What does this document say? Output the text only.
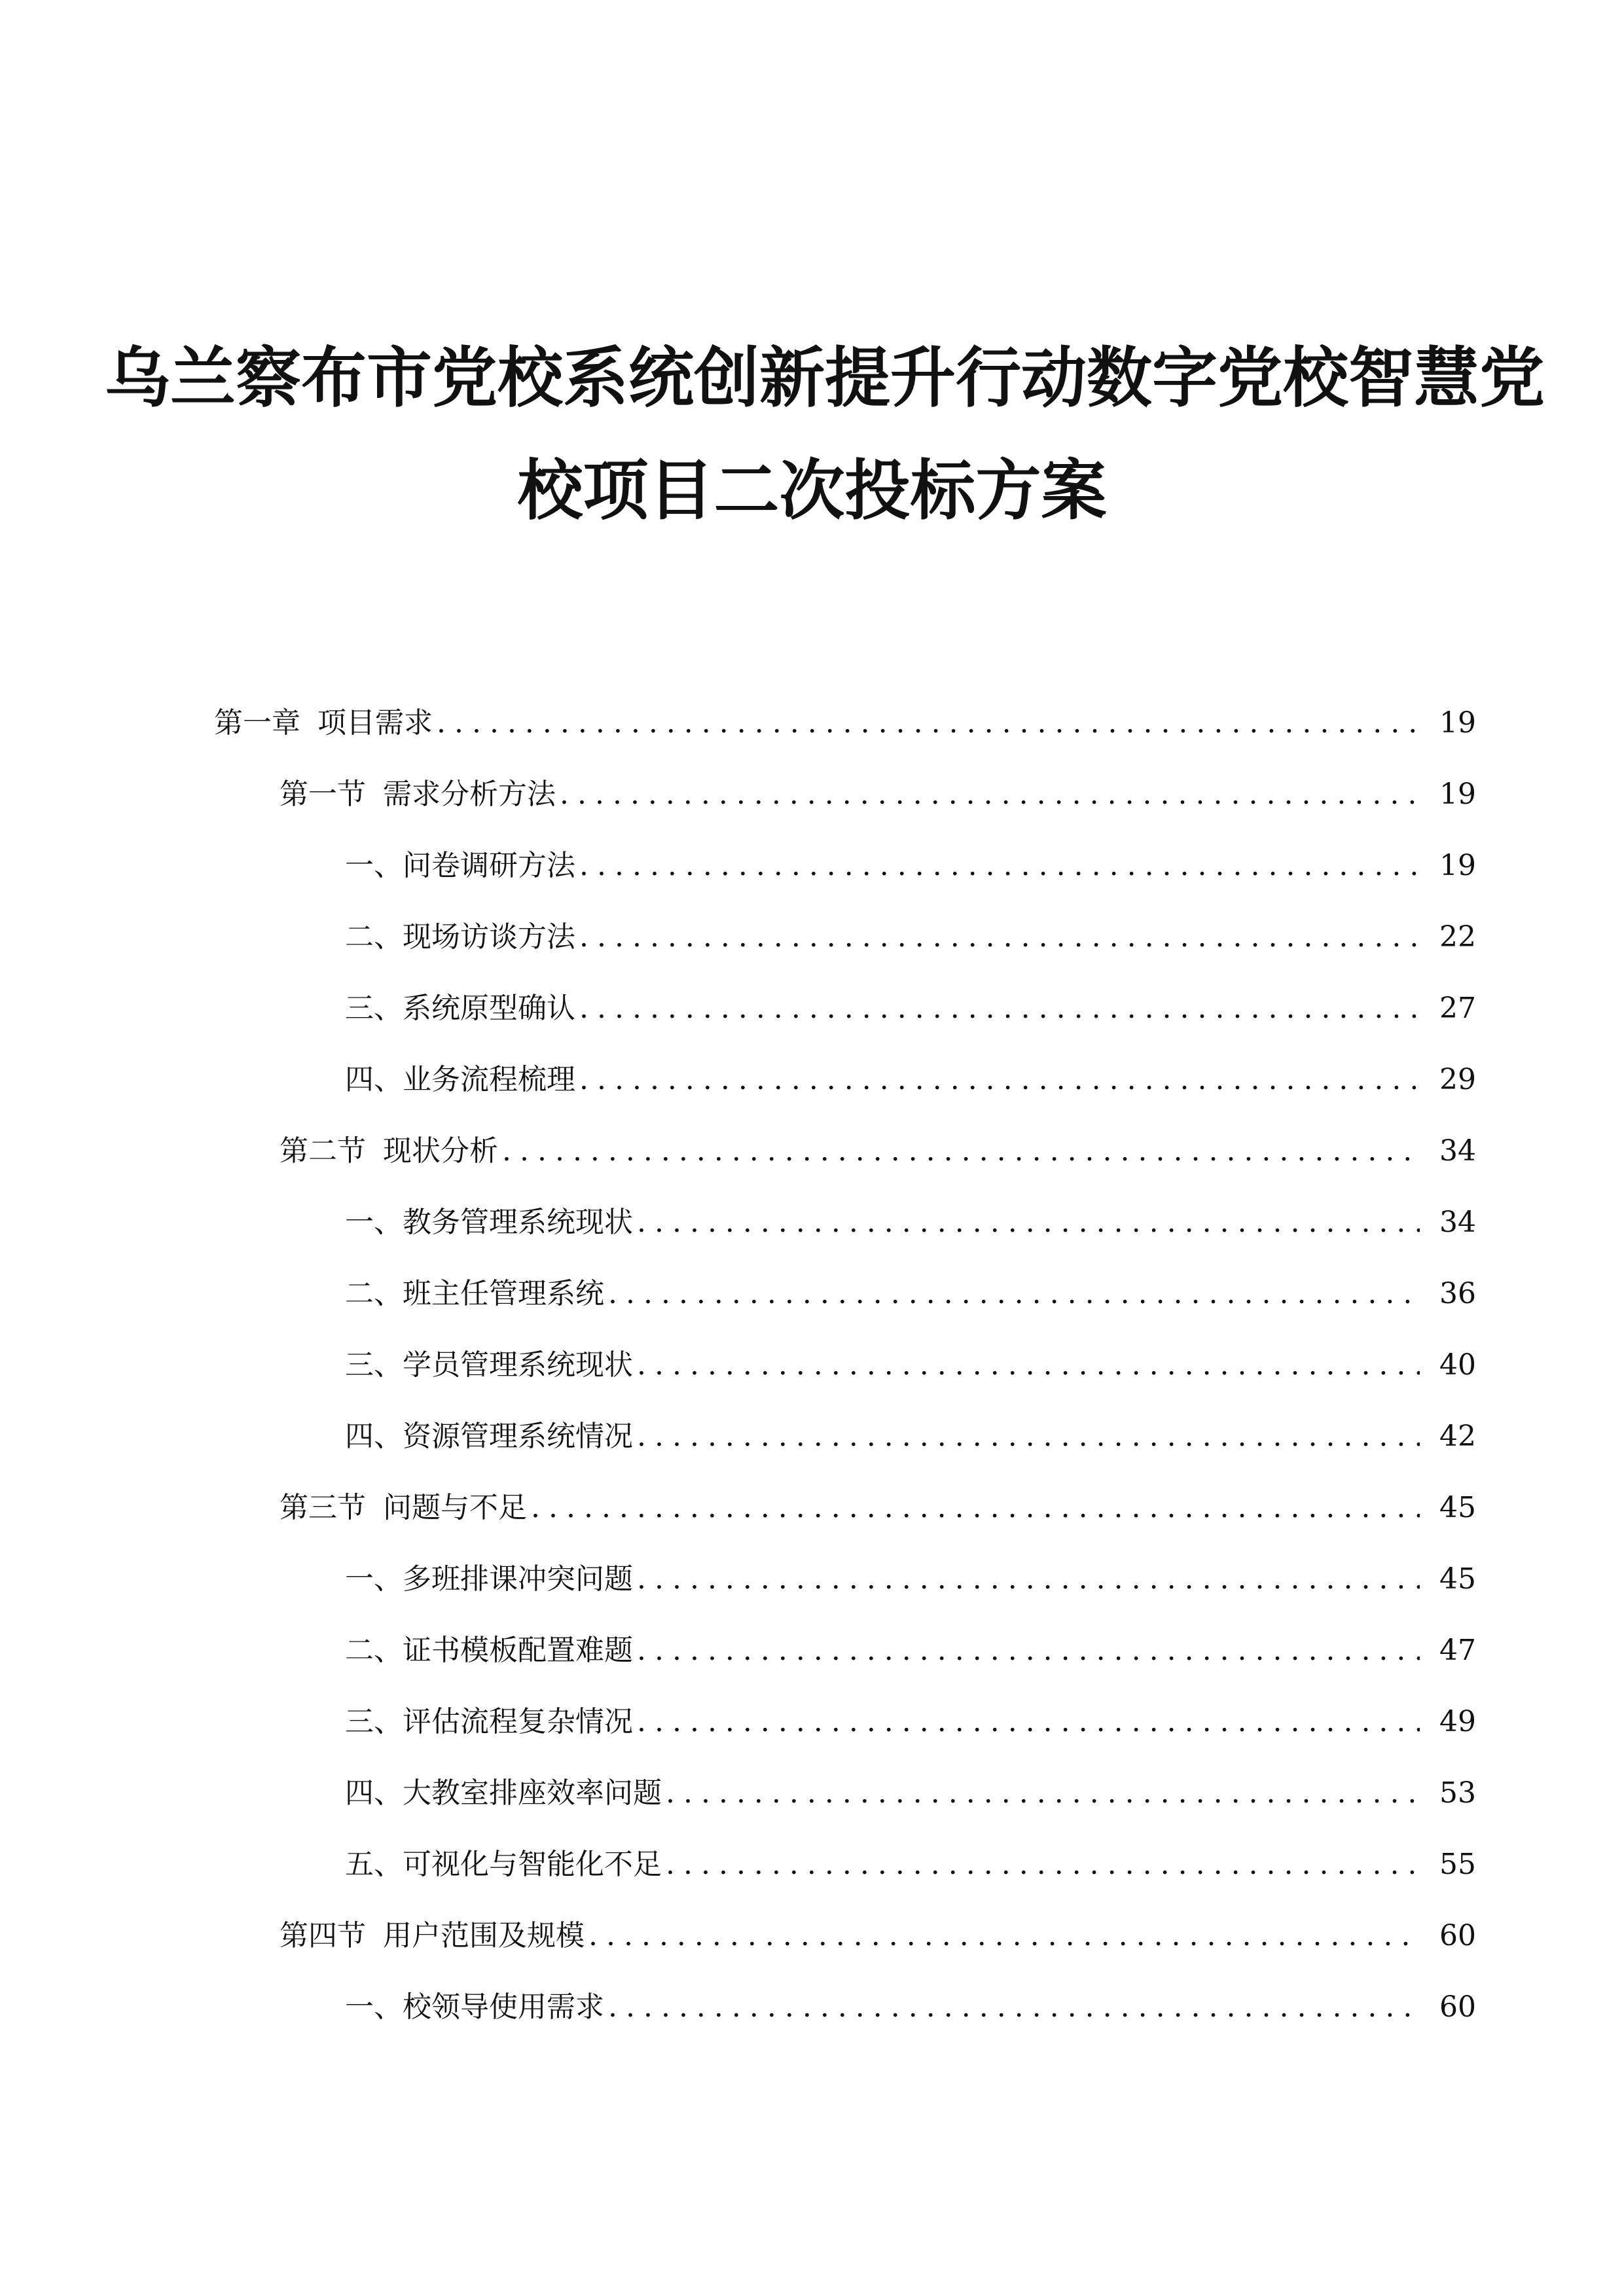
乌兰察布市党校系统创新提升行动数字党校智慧党
校项目二次投标方案
第一章 项目需求 .....	19
第一节 需求分析方法 .....	19
一、 问卷调研方法 .....	19
二、 现场访谈方法 .....	22
三、 系统原型确认 .....	27
四、 业务流程梳理 .....	29
第二节 现状分析 .....	34
一、 教务管理系统现状 .....	34
二、 班主任管理系统 .....	36
三、 学员管理系统现状 .....	40
四、 资源管理系统情况 .....	42
第三节 问题与不足 .....	45
一、 多班排课冲突问题 .....	45
二、 证书模板配置难题 .....	47
三、 评估流程复杂情况 .....	49
四、 大教室排座效率问题 .....	53
五、 可视化与智能化不足 .....	55
第四节 用户范围及规模 .....	60
一、 校领导使用需求 .....	60
